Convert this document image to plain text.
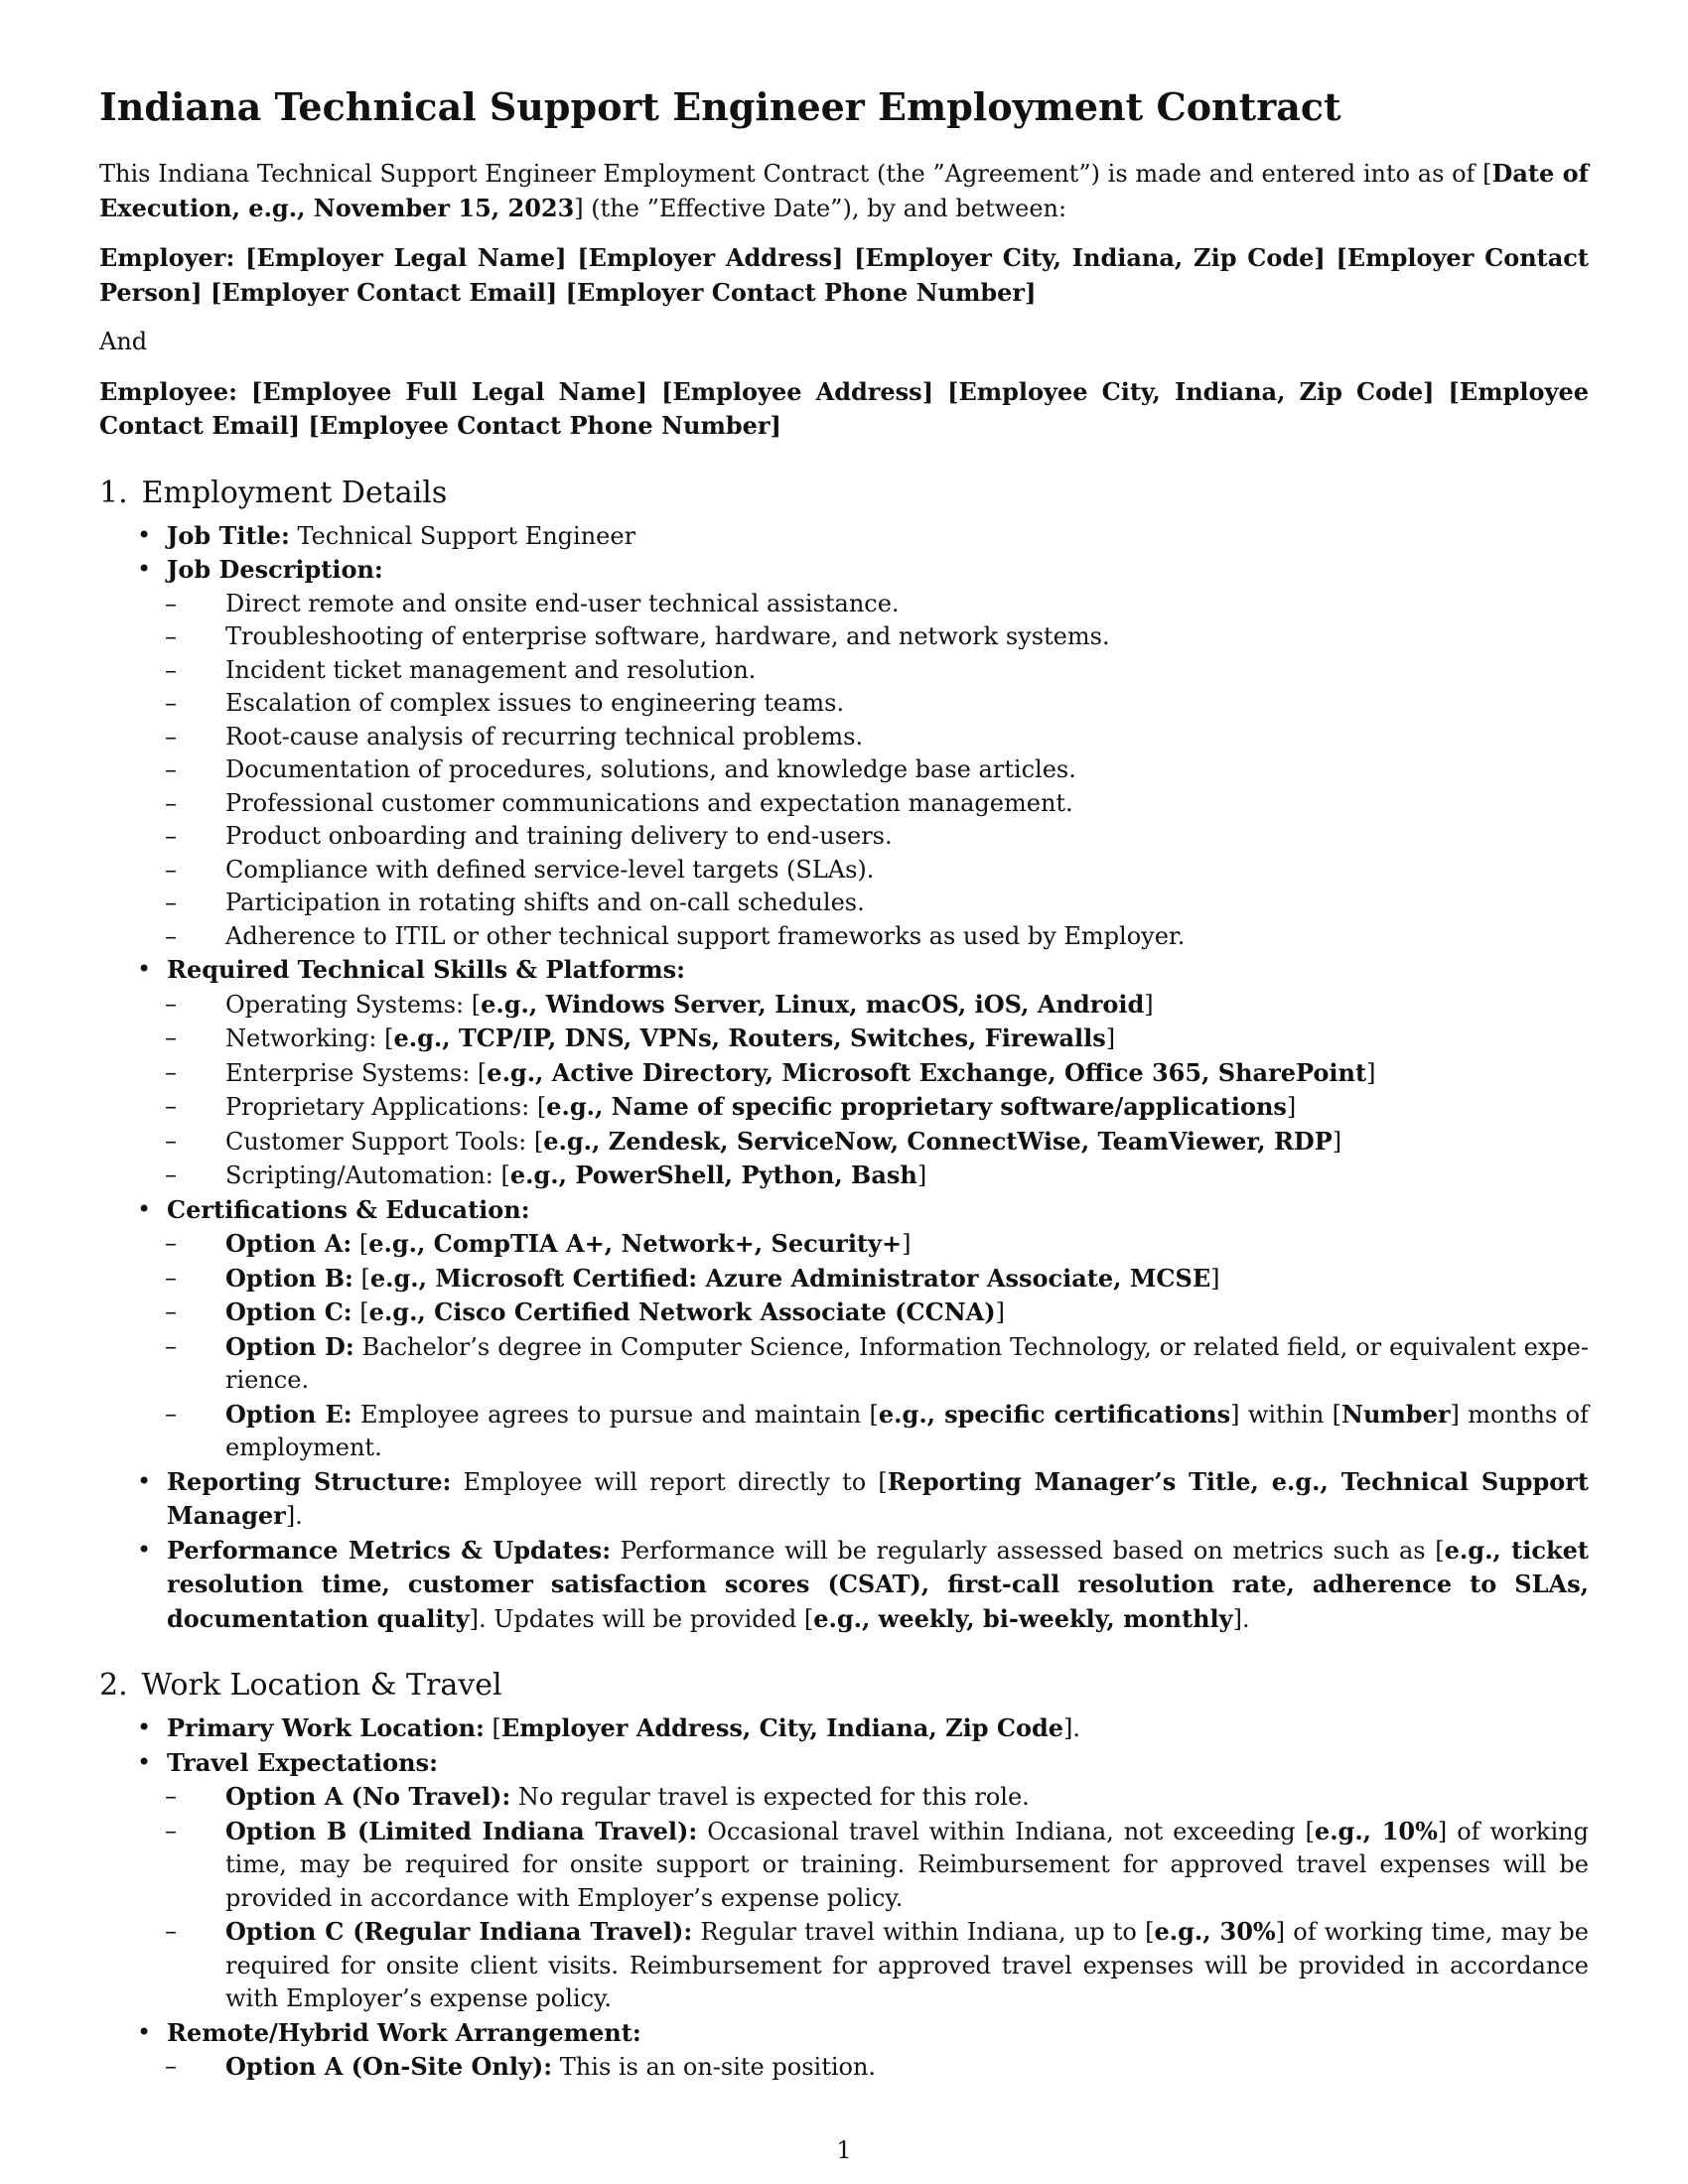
Indiana Technical Support Engineer Employment Contract

This Indiana Technical Support Engineer Employment Contract (the ”Agreement”) is made and entered into as of [Date of Execution, e.g., November 15, 2023] (the ”Effective Date”), by and between:

Employer: [Employer Legal Name] [Employer Address] [Employer City, Indiana, Zip Code] [Employer Contact Person] [Employer Contact Email] [Employer Contact Phone Number]

And

Employee: [Employee Full Legal Name] [Employee Address] [Employee City, Indiana, Zip Code] [Employee Contact Email] [Employee Contact Phone Number]

1. Employment Details
• Job Title: Technical Support Engineer
• Job Description:
– Direct remote and onsite end-user technical assistance.
– Troubleshooting of enterprise software, hardware, and network systems.
– Incident ticket management and resolution.
– Escalation of complex issues to engineering teams.
– Root-cause analysis of recurring technical problems.
– Documentation of procedures, solutions, and knowledge base articles.
– Professional customer communications and expectation management.
– Product onboarding and training delivery to end-users.
– Compliance with defined service-level targets (SLAs).
– Participation in rotating shifts and on-call schedules.
– Adherence to ITIL or other technical support frameworks as used by Employer.
• Required Technical Skills & Platforms:
– Operating Systems: [e.g., Windows Server, Linux, macOS, iOS, Android]
– Networking: [e.g., TCP/IP, DNS, VPNs, Routers, Switches, Firewalls]
– Enterprise Systems: [e.g., Active Directory, Microsoft Exchange, Office 365, SharePoint]
– Proprietary Applications: [e.g., Name of specific proprietary software/applications]
– Customer Support Tools: [e.g., Zendesk, ServiceNow, ConnectWise, TeamViewer, RDP]
– Scripting/Automation: [e.g., PowerShell, Python, Bash]
• Certifications & Education:
– Option A: [e.g., CompTIA A+, Network+, Security+]
– Option B: [e.g., Microsoft Certified: Azure Administrator Associate, MCSE]
– Option C: [e.g., Cisco Certified Network Associate (CCNA)]
– Option D: Bachelor’s degree in Computer Science, Information Technology, or related field, or equivalent expe- rience.
– Option E: Employee agrees to pursue and maintain [e.g., specific certifications] within [Number] months of employment.
• Reporting Structure: Employee will report directly to [Reporting Manager’s Title, e.g., Technical Support Manager].
• Performance Metrics & Updates: Performance will be regularly assessed based on metrics such as [e.g., ticket resolution time, customer satisfaction scores (CSAT), first-call resolution rate, adherence to SLAs, documentation quality]. Updates will be provided [e.g., weekly, bi-weekly, monthly].
2. Work Location & Travel
• Primary Work Location: [Employer Address, City, Indiana, Zip Code].
• Travel Expectations:
– Option A (No Travel): No regular travel is expected for this role.
– Option B (Limited Indiana Travel): Occasional travel within Indiana, not exceeding [e.g., 10%] of working time, may be required for onsite support or training. Reimbursement for approved travel expenses will be provided in accordance with Employer’s expense policy.
– Option C (Regular Indiana Travel): Regular travel within Indiana, up to [e.g., 30%] of working time, may be required for onsite client visits. Reimbursement for approved travel expenses will be provided in accordance with Employer’s expense policy.
• Remote/Hybrid Work Arrangement:
– Option A (On-Site Only): This is an on-site position.
1
